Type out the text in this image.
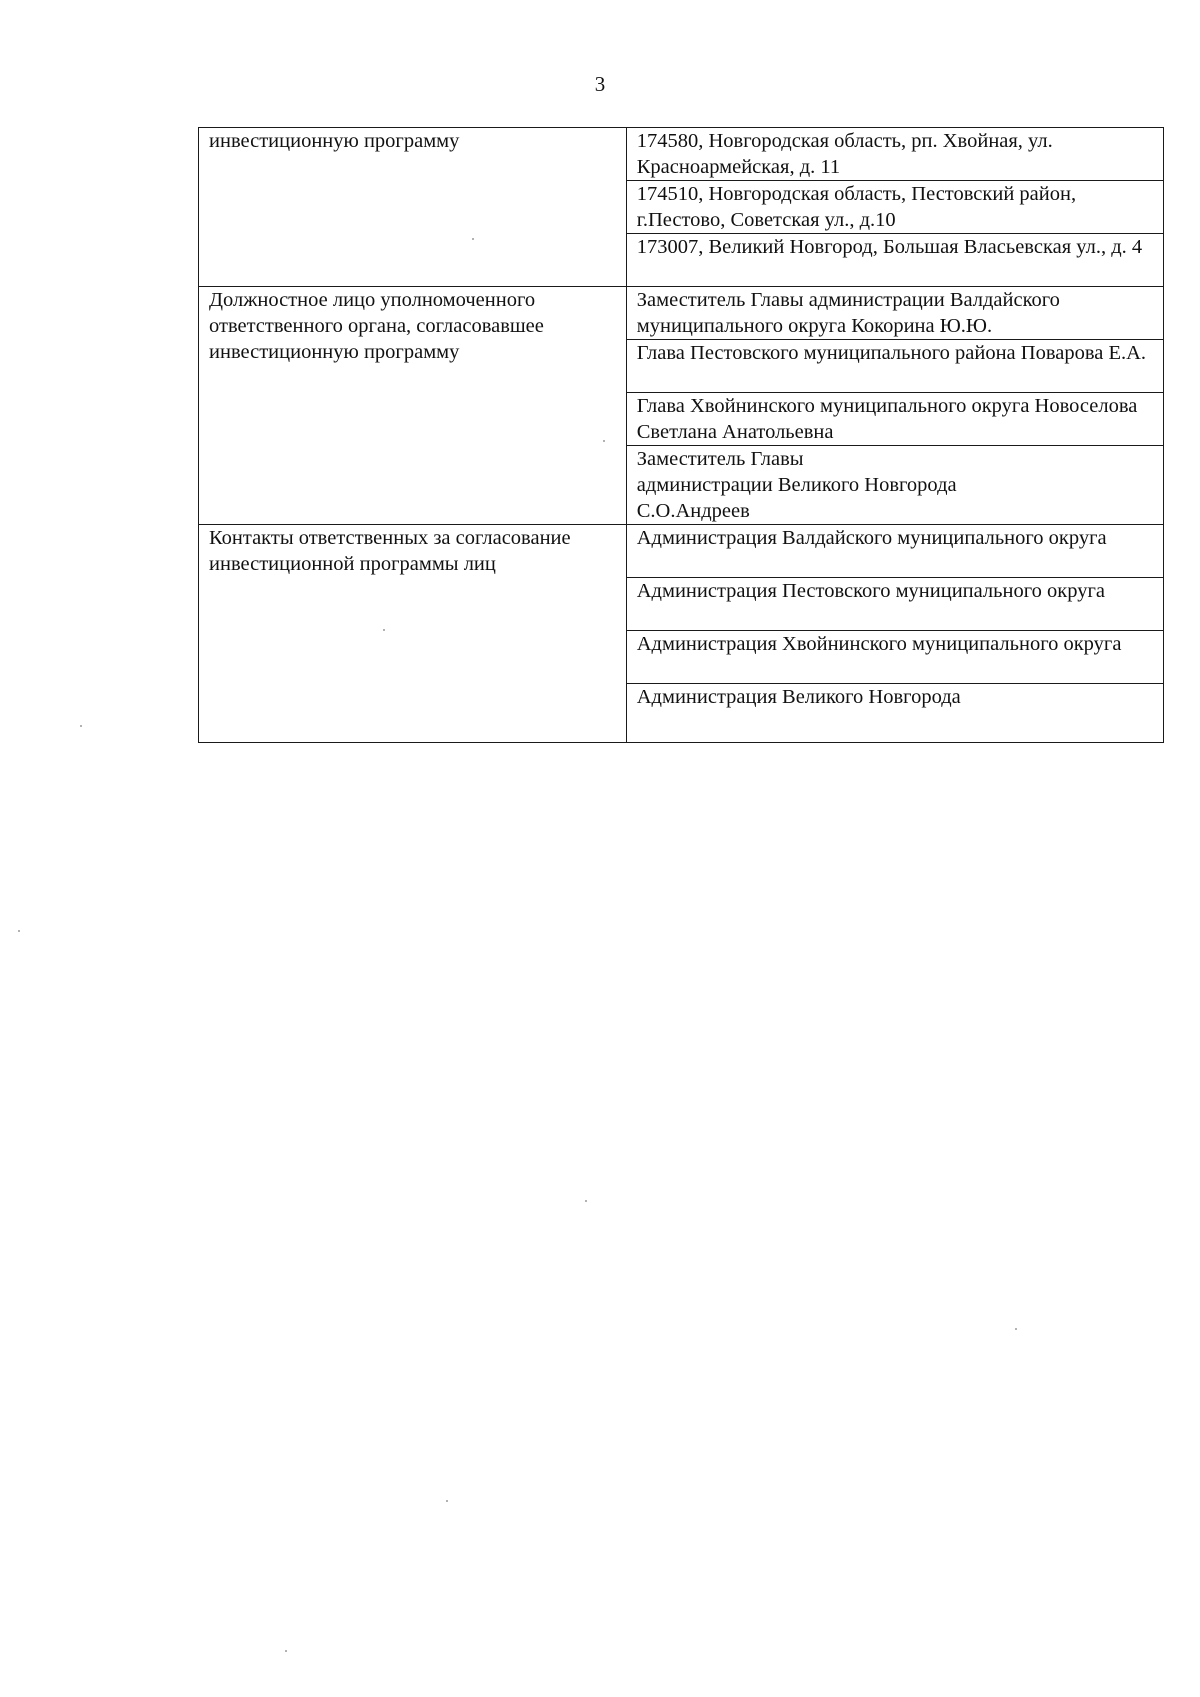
3
инвестиционную программу	174580, Новгородская область, рп. Хвойная, ул. Красноармейская, д. 11
	174510, Новгородская область, Пестовский район, г.Пестово, Советская ул., д.10
	173007, Великий Новгород, Большая Власьевская ул., д. 4
Должностное лицо уполномоченного ответственного органа, согласовавшее инвестиционную программу	Заместитель Главы администрации Валдайского муниципального округа Кокорина Ю.Ю.
	Глава Пестовского муниципального района Поварова Е.А.
	Глава Хвойнинского муниципального округа Новоселова Светлана Анатольевна
	Заместитель Главы
администрации Великого Новгорода
С.О.Андреев
Контакты ответственных за согласование инвестиционной программы лиц	Администрация Валдайского муниципального округа
	Администрация Пестовского муниципального округа
	Администрация Хвойнинского муниципального округа
	Администрация Великого Новгорода
